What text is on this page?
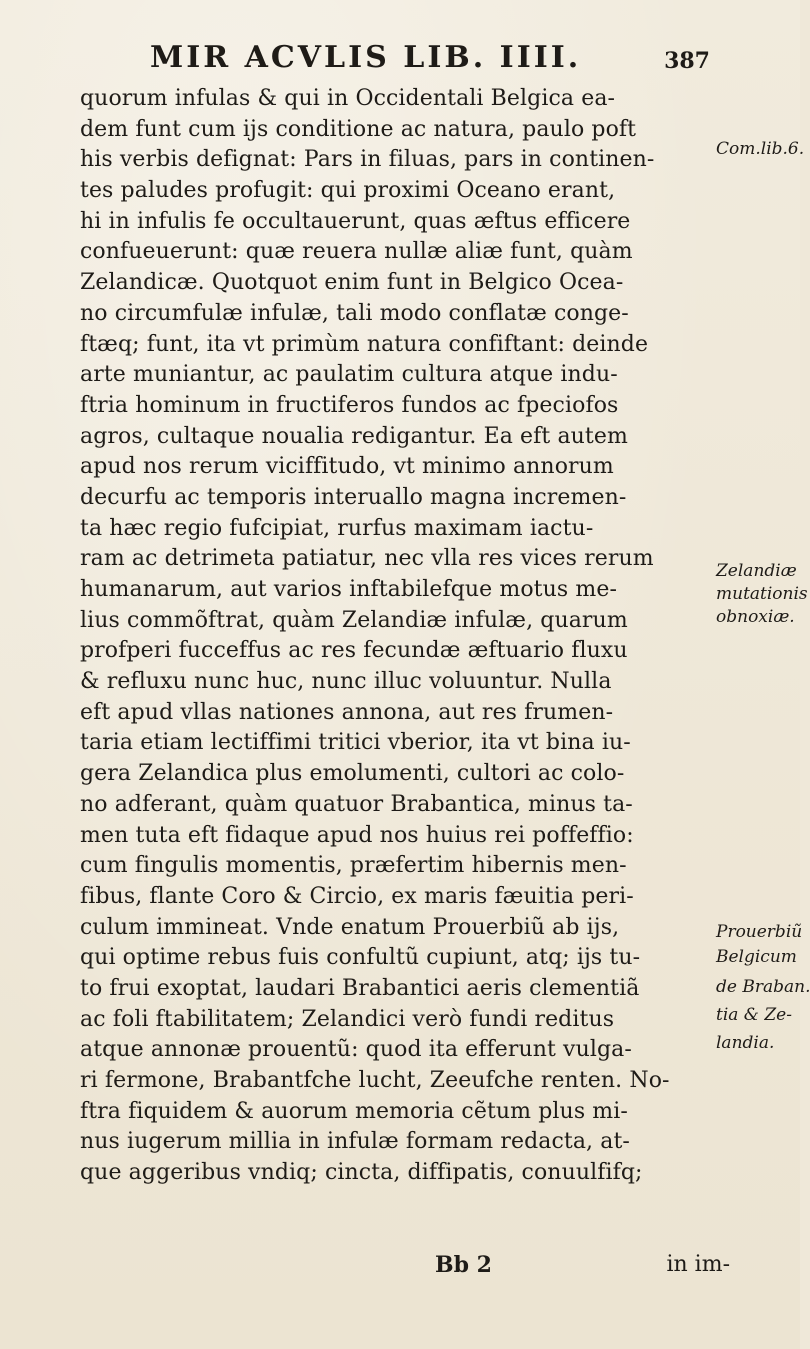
MIR ACVLIS LIB. IIII.	387
quorum infulas & qui in Occidentali Belgica ea-
dem funt cum ijs conditione ac natura, paulo poft
his verbis defignat: Pars in filuas, pars in continen-
tes paludes profugit: qui proximi Oceano erant,
hi in infulis fe occultauerunt, quas æftus efficere
confueuerunt: quæ reuera nullæ aliæ funt, quàm
Zelandicæ. Quotquot enim funt in Belgico Ocea-
no circumfulæ infulæ, tali modo conflatæ conge-
ftæq; funt, ita vt primùm natura confiftant: deinde
arte muniantur, ac paulatim cultura atque indu-
ftria hominum in fructiferos fundos ac fpeciofos
agros, cultaque noualia redigantur. Ea eft autem
apud nos rerum viciffitudo, vt minimo annorum
decurfu ac temporis interuallo magna incremen-
ta hæc regio fufcipiat, rurfus maximam iactu-
ram ac detrimeta patiatur, nec vlla res vices rerum
humanarum, aut varios inftabilefque motus me-
lius commõftrat, quàm Zelandiæ infulæ, quarum
profperi fucceffus ac res fecundæ æftuario fluxu
& refluxu nunc huc, nunc illuc voluuntur. Nulla
eft apud vllas nationes annona, aut res frumen-
taria etiam lectiffimi tritici vberior, ita vt bina iu-
gera Zelandica plus emolumenti, cultori ac colo-
no adferant, quàm quatuor Brabantica, minus ta-
men tuta eft fidaque apud nos huius rei poffeffio:
cum fingulis momentis, præfertim hibernis men-
fibus, flante Coro & Circio, ex maris fæuitia peri-
culum immineat. Vnde enatum Prouerbiũ ab ijs,
qui optime rebus fuis confultũ cupiunt, atq; ijs tu-
to frui exoptat, laudari Brabantici aeris clementiã
ac foli ftabilitatem; Zelandici verò fundi reditus
atque annonæ prouentũ: quod ita efferunt vulga-
ri fermone, Brabantfche lucht, Zeeufche renten. No-
ftra fiquidem & auorum memoria cẽtum plus mi-
nus iugerum millia in infulæ formam redacta, at-
que aggeribus vndiq; cincta, diffipatis, conuulfifq;
Com.lib.6.
Zelandiæ
mutationis
obnoxiæ.
Prouerbiũ
Belgicum
de Braban.
tia & Ze-
landia.
Bb 2	in im-
